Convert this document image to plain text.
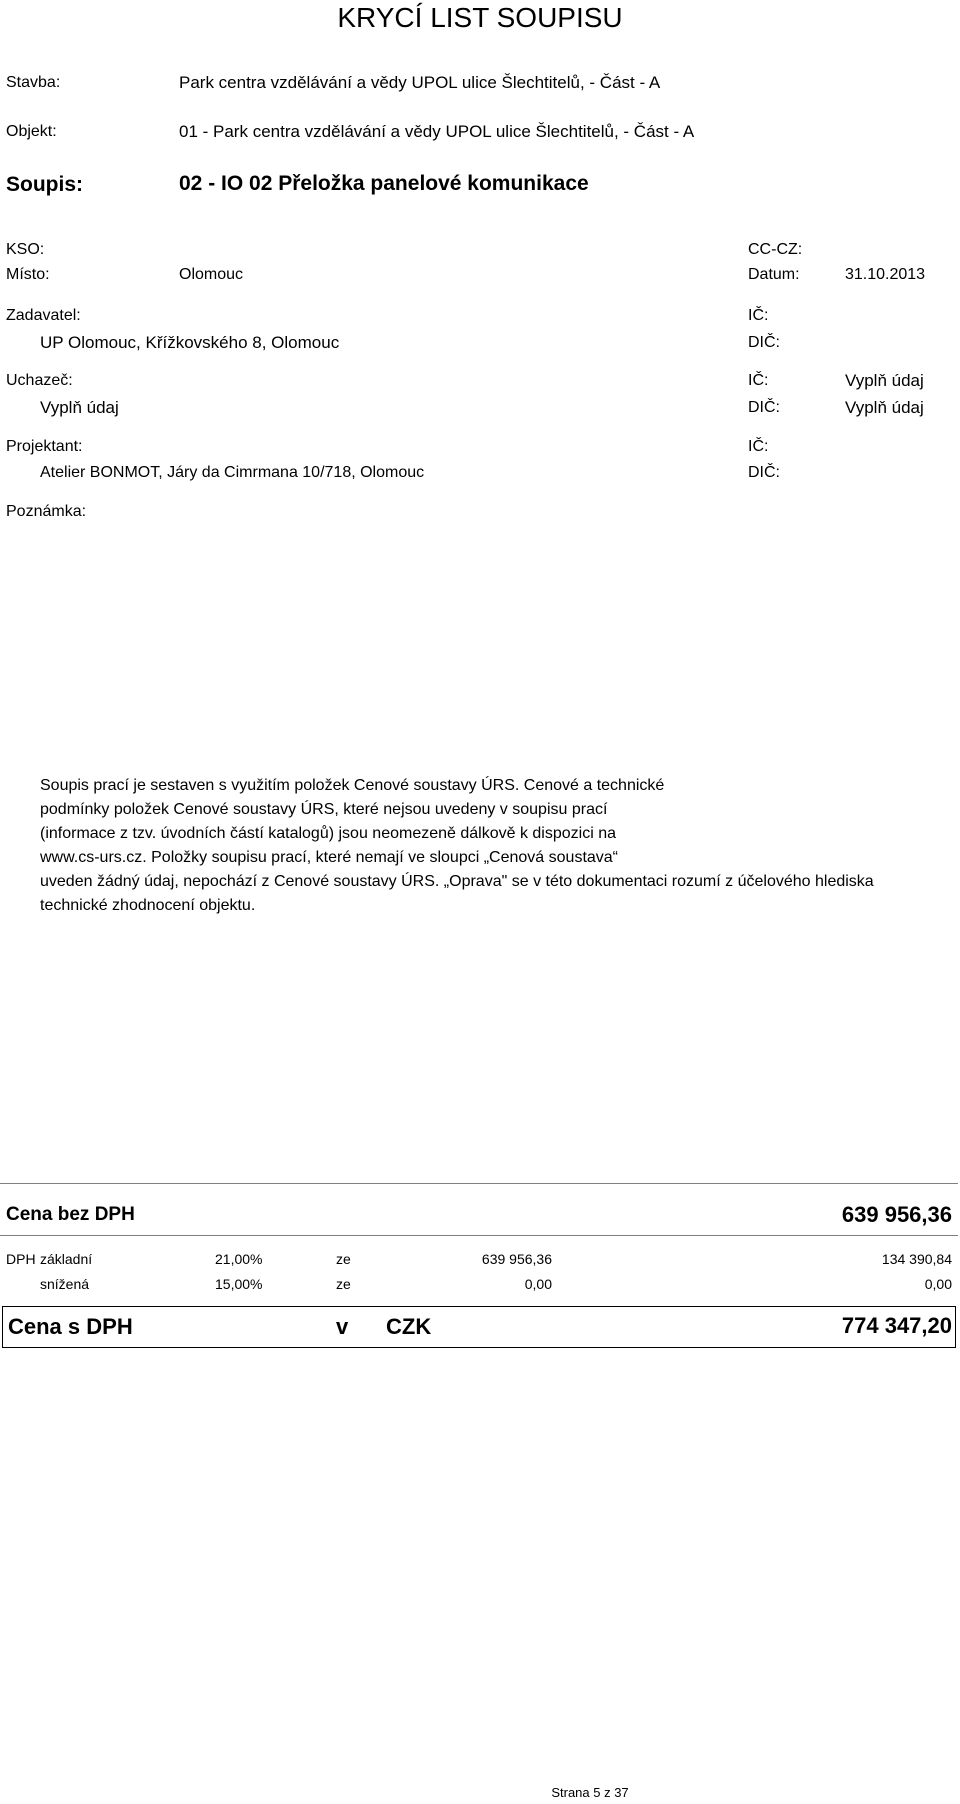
KRYCÍ LIST SOUPISU
Stavba:	Park centra vzdělávání a vědy UPOL ulice Šlechtitelů, - Část - A
Objekt:	01 - Park centra vzdělávání a vědy UPOL ulice Šlechtitelů, - Část - A
Soupis:	02 - IO 02 Přeložka panelové komunikace
KSO:	CC-CZ:
Místo:	Olomouc	Datum:	31.10.2013
Zadavatel:	IČ:
UP Olomouc, Křížkovského 8, Olomouc	DIČ:
Uchazeč:	IČ:	Vyplň údaj
Vyplň údaj	DIČ:	Vyplň údaj
Projektant:	IČ:
Atelier BONMOT, Járy da Cimrmana 10/718, Olomouc	DIČ:
Poznámka:
Soupis prací je sestaven s využitím položek Cenové soustavy ÚRS. Cenové a technické
podmínky položek Cenové soustavy ÚRS, které nejsou uvedeny v soupisu prací
(informace z tzv. úvodních částí katalogů) jsou neomezeně dálkově k dispozici na
www.cs-urs.cz. Položky soupisu prací, které nemají ve sloupci „Cenová soustava“
uveden žádný údaj, nepochází z Cenové soustavy ÚRS. „Oprava" se v této dokumentaci rozumí z účelového hlediska
technické zhodnocení objektu.
Cena bez DPH	639 956,36
DPH základní	21,00%	ze	639 956,36	134 390,84
snížená	15,00%	ze	0,00	0,00
Cena s DPH	v CZK	774 347,20
Strana 5 z 37
